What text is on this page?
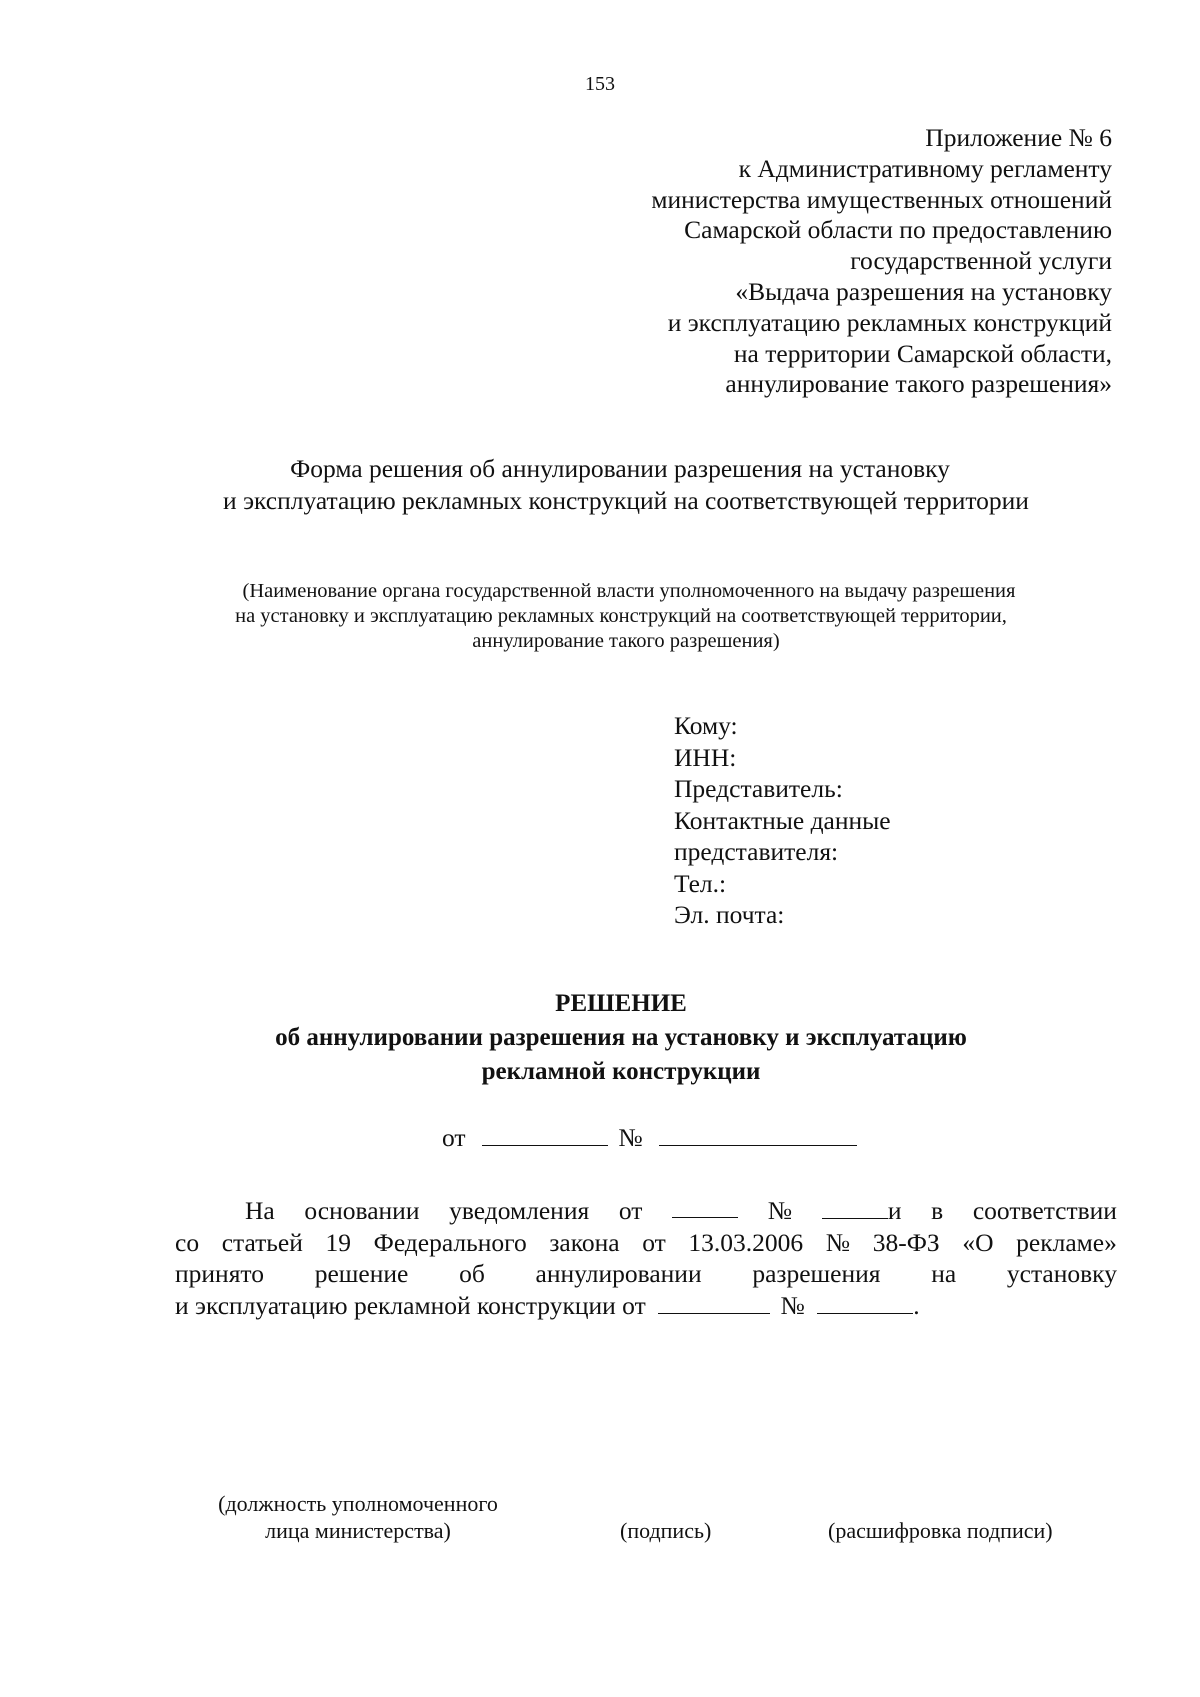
153
Приложение № 6
к Административному регламенту
министерства имущественных отношений
Самарской области по предоставлению
государственной услуги
«Выдача разрешения на установку
и эксплуатацию рекламных конструкций
на территории Самарской области,
аннулирование такого разрешения»
Форма решения об аннулировании разрешения на установку
и эксплуатацию рекламных конструкций на соответствующей территории
(Наименование органа государственной власти уполномоченного на выдачу разрешения
на установку и эксплуатацию рекламных конструкций на соответствующей территории,
аннулирование такого разрешения)
Кому:
ИНН:
Представитель:
Контактные данные
представителя:
Тел.:
Эл. почта:
РЕШЕНИЕ
об аннулировании разрешения на установку и эксплуатацию
рекламной конструкции
от	№
На основании уведомления от	№	и в соответствии
со статьей 19 Федерального закона от 13.03.2006 № 38-ФЗ «О рекламе»
принято решение об аннулировании разрешения на установку
и эксплуатацию рекламной конструкции от	№	.
(должность уполномоченного
лица министерства)	(подпись)	(расшифровка подписи)
